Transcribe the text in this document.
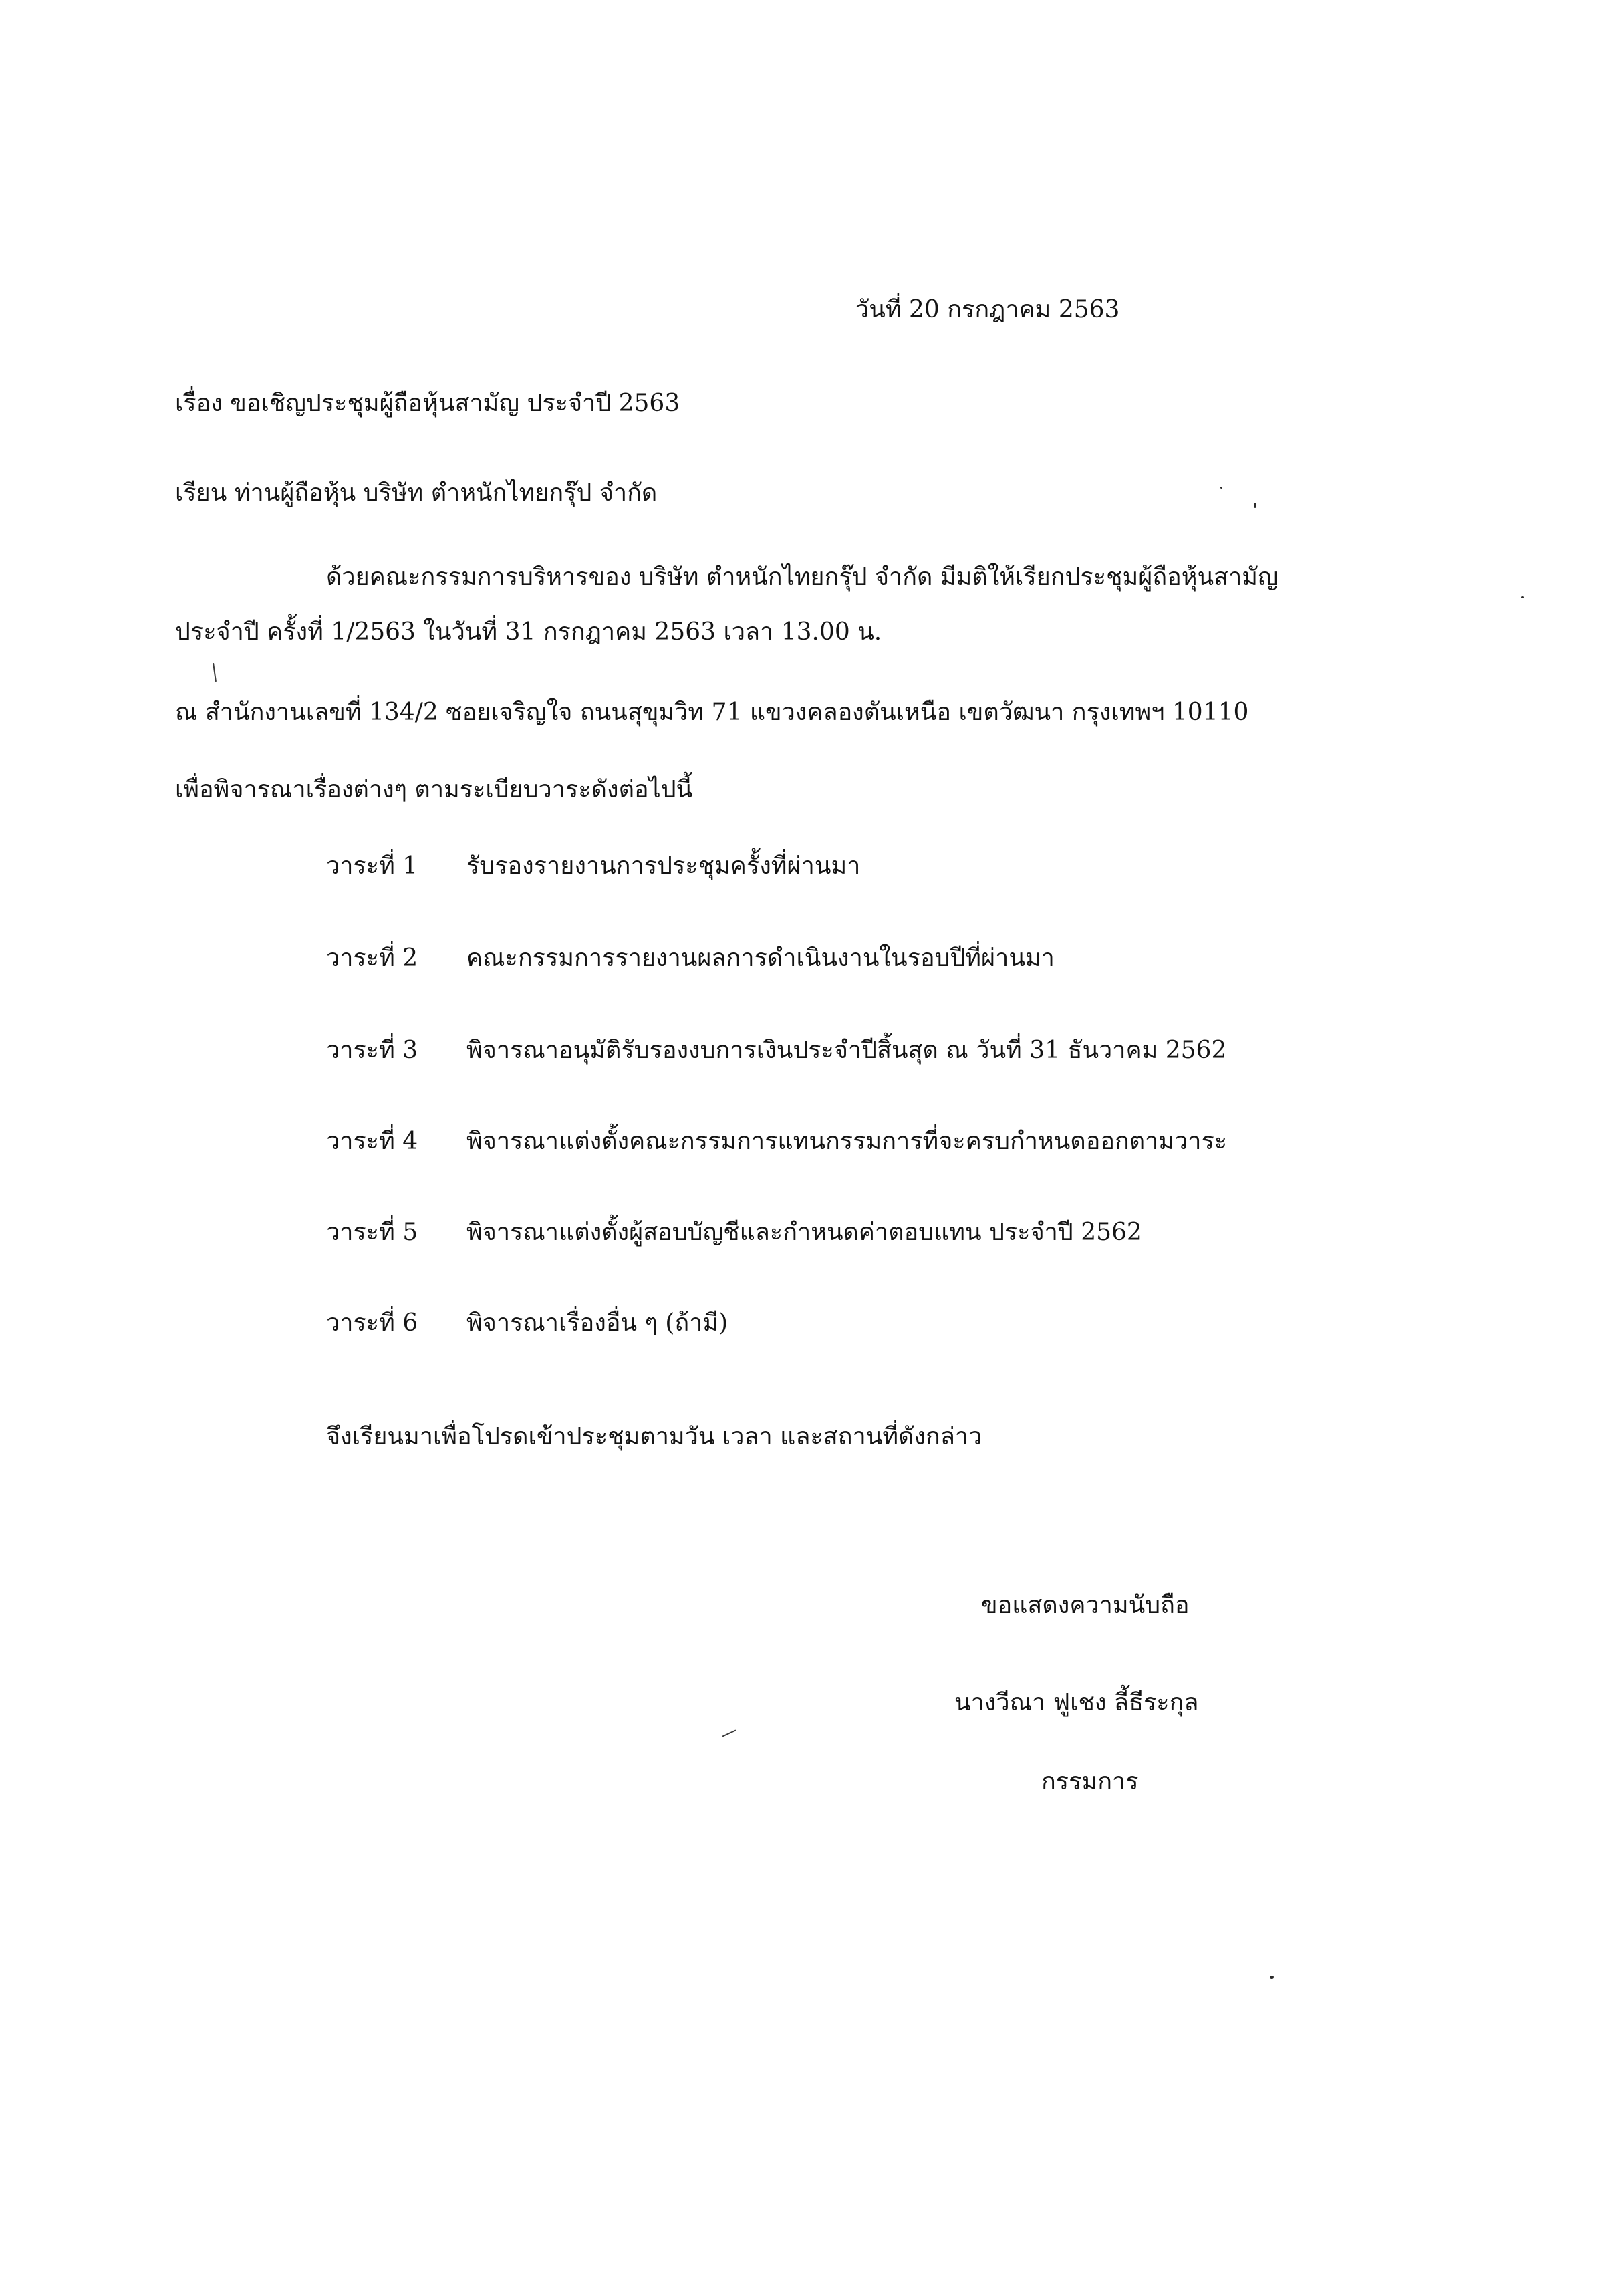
วันที่ 20 กรกฎาคม 2563
เรื่อง ขอเชิญประชุมผู้ถือหุ้นสามัญ ประจำปี 2563
เรียน ท่านผู้ถือหุ้น บริษัท ตำหนักไทยกรุ๊ป จำกัด
ด้วยคณะกรรมการบริหารของ บริษัท ตำหนักไทยกรุ๊ป จำกัด มีมติให้เรียกประชุมผู้ถือหุ้นสามัญ
ประจำปี ครั้งที่ 1/2563 ในวันที่ 31 กรกฎาคม 2563 เวลา 13.00 น.
ณ สำนักงานเลขที่ 134/2 ซอยเจริญใจ ถนนสุขุมวิท 71 แขวงคลองตันเหนือ เขตวัฒนา กรุงเทพฯ 10110
เพื่อพิจารณาเรื่องต่างๆ ตามระเบียบวาระดังต่อไปนี้
วาระที่ 1 รับรองรายงานการประชุมครั้งที่ผ่านมา
วาระที่ 2 คณะกรรมการรายงานผลการดำเนินงานในรอบปีที่ผ่านมา
วาระที่ 3 พิจารณาอนุมัติรับรองงบการเงินประจำปีสิ้นสุด ณ วันที่ 31 ธันวาคม 2562
วาระที่ 4 พิจารณาแต่งตั้งคณะกรรมการแทนกรรมการที่จะครบกำหนดออกตามวาระ
วาระที่ 5 พิจารณาแต่งตั้งผู้สอบบัญชีและกำหนดค่าตอบแทน ประจำปี 2562
วาระที่ 6 พิจารณาเรื่องอื่น ๆ (ถ้ามี)
จึงเรียนมาเพื่อโปรดเข้าประชุมตามวัน เวลา และสถานที่ดังกล่าว
ขอแสดงความนับถือ
นางวีณา ฟูเชง ลี้ธีระกุล
กรรมการ
